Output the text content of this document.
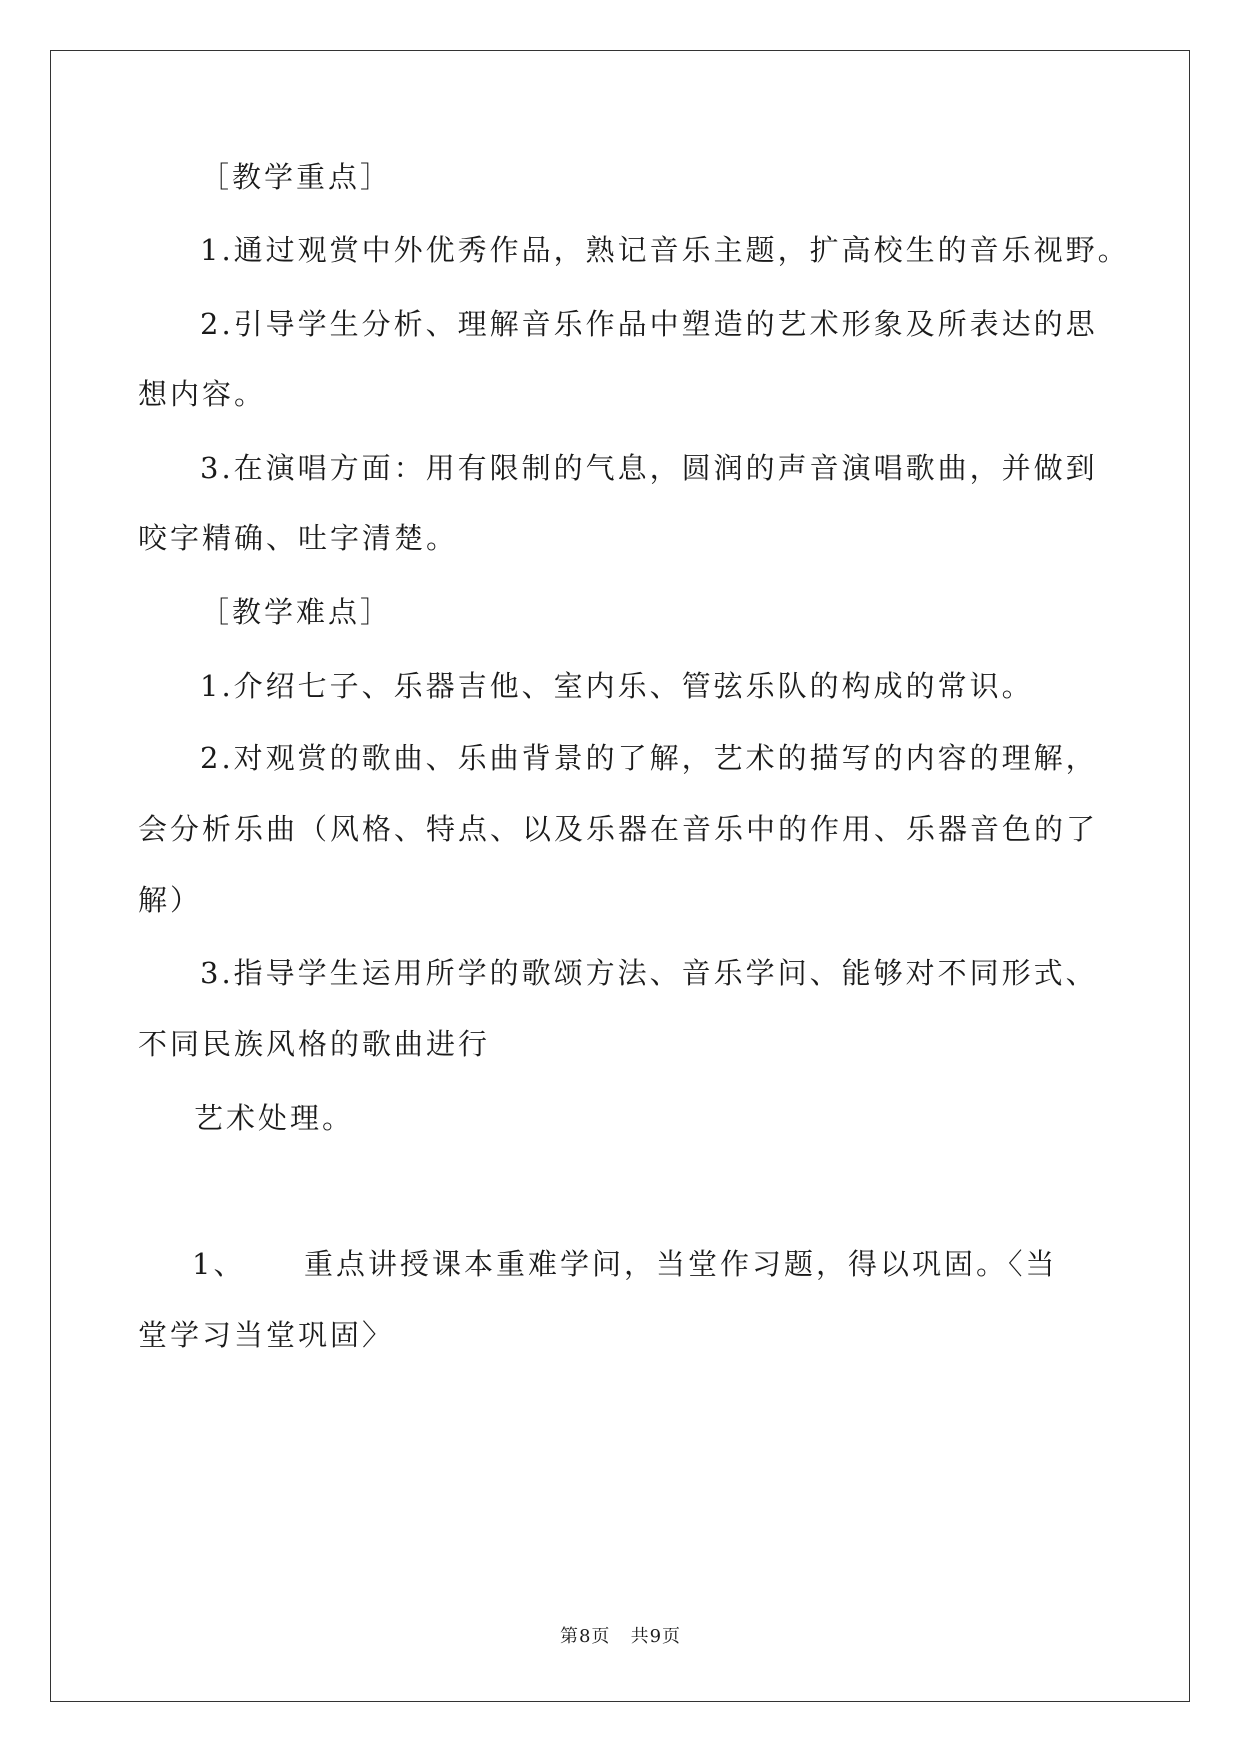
［教学重点］
1.通过观赏中外优秀作品，熟记音乐主题，扩高校生的音乐视野。
2.引导学生分析、理解音乐作品中塑造的艺术形象及所表达的思
想内容。
3.在演唱方面：用有限制的气息，圆润的声音演唱歌曲，并做到
咬字精确、吐字清楚。
［教学难点］
1.介绍七子、乐器吉他、室内乐、管弦乐队的构成的常识。
2.对观赏的歌曲、乐曲背景的了解，艺术的描写的内容的理解，
会分析乐曲（风格、特点、以及乐器在音乐中的作用、乐器音色的了
解）
3.指导学生运用所学的歌颂方法、音乐学问、能够对不同形式、
不同民族风格的歌曲进行
艺术处理。
1、 重点讲授课本重难学问，当堂作习题，得以巩固。〈当
堂学习当堂巩固〉
第8页   共9页
